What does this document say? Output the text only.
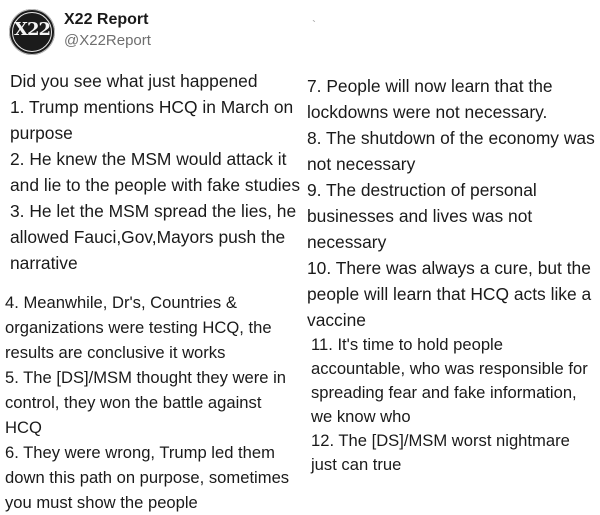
X22 X22 Report
@X22Report
`
Did you see what just happened
1. Trump mentions HCQ in March on
purpose
2. He knew the MSM would attack it
and lie to the people with fake studies
3. He let the MSM spread the lies, he
allowed Fauci,Gov,Mayors push the
narrative
4. Meanwhile, Dr's, Countries &
organizations were testing HCQ, the
results are conclusive it works
5. The [DS]/MSM thought they were in
control, they won the battle against
HCQ
6. They were wrong, Trump led them
down this path on purpose, sometimes
you must show the people
7. People will now learn that the
lockdowns were not necessary.
8. The shutdown of the economy was
not necessary
9. The destruction of personal
businesses and lives was not
necessary
10. There was always a cure, but the
people will learn that HCQ acts like a
vaccine
11. It's time to hold people
accountable, who was responsible for
spreading fear and fake information,
we know who
12. The [DS]/MSM worst nightmare
just can true
